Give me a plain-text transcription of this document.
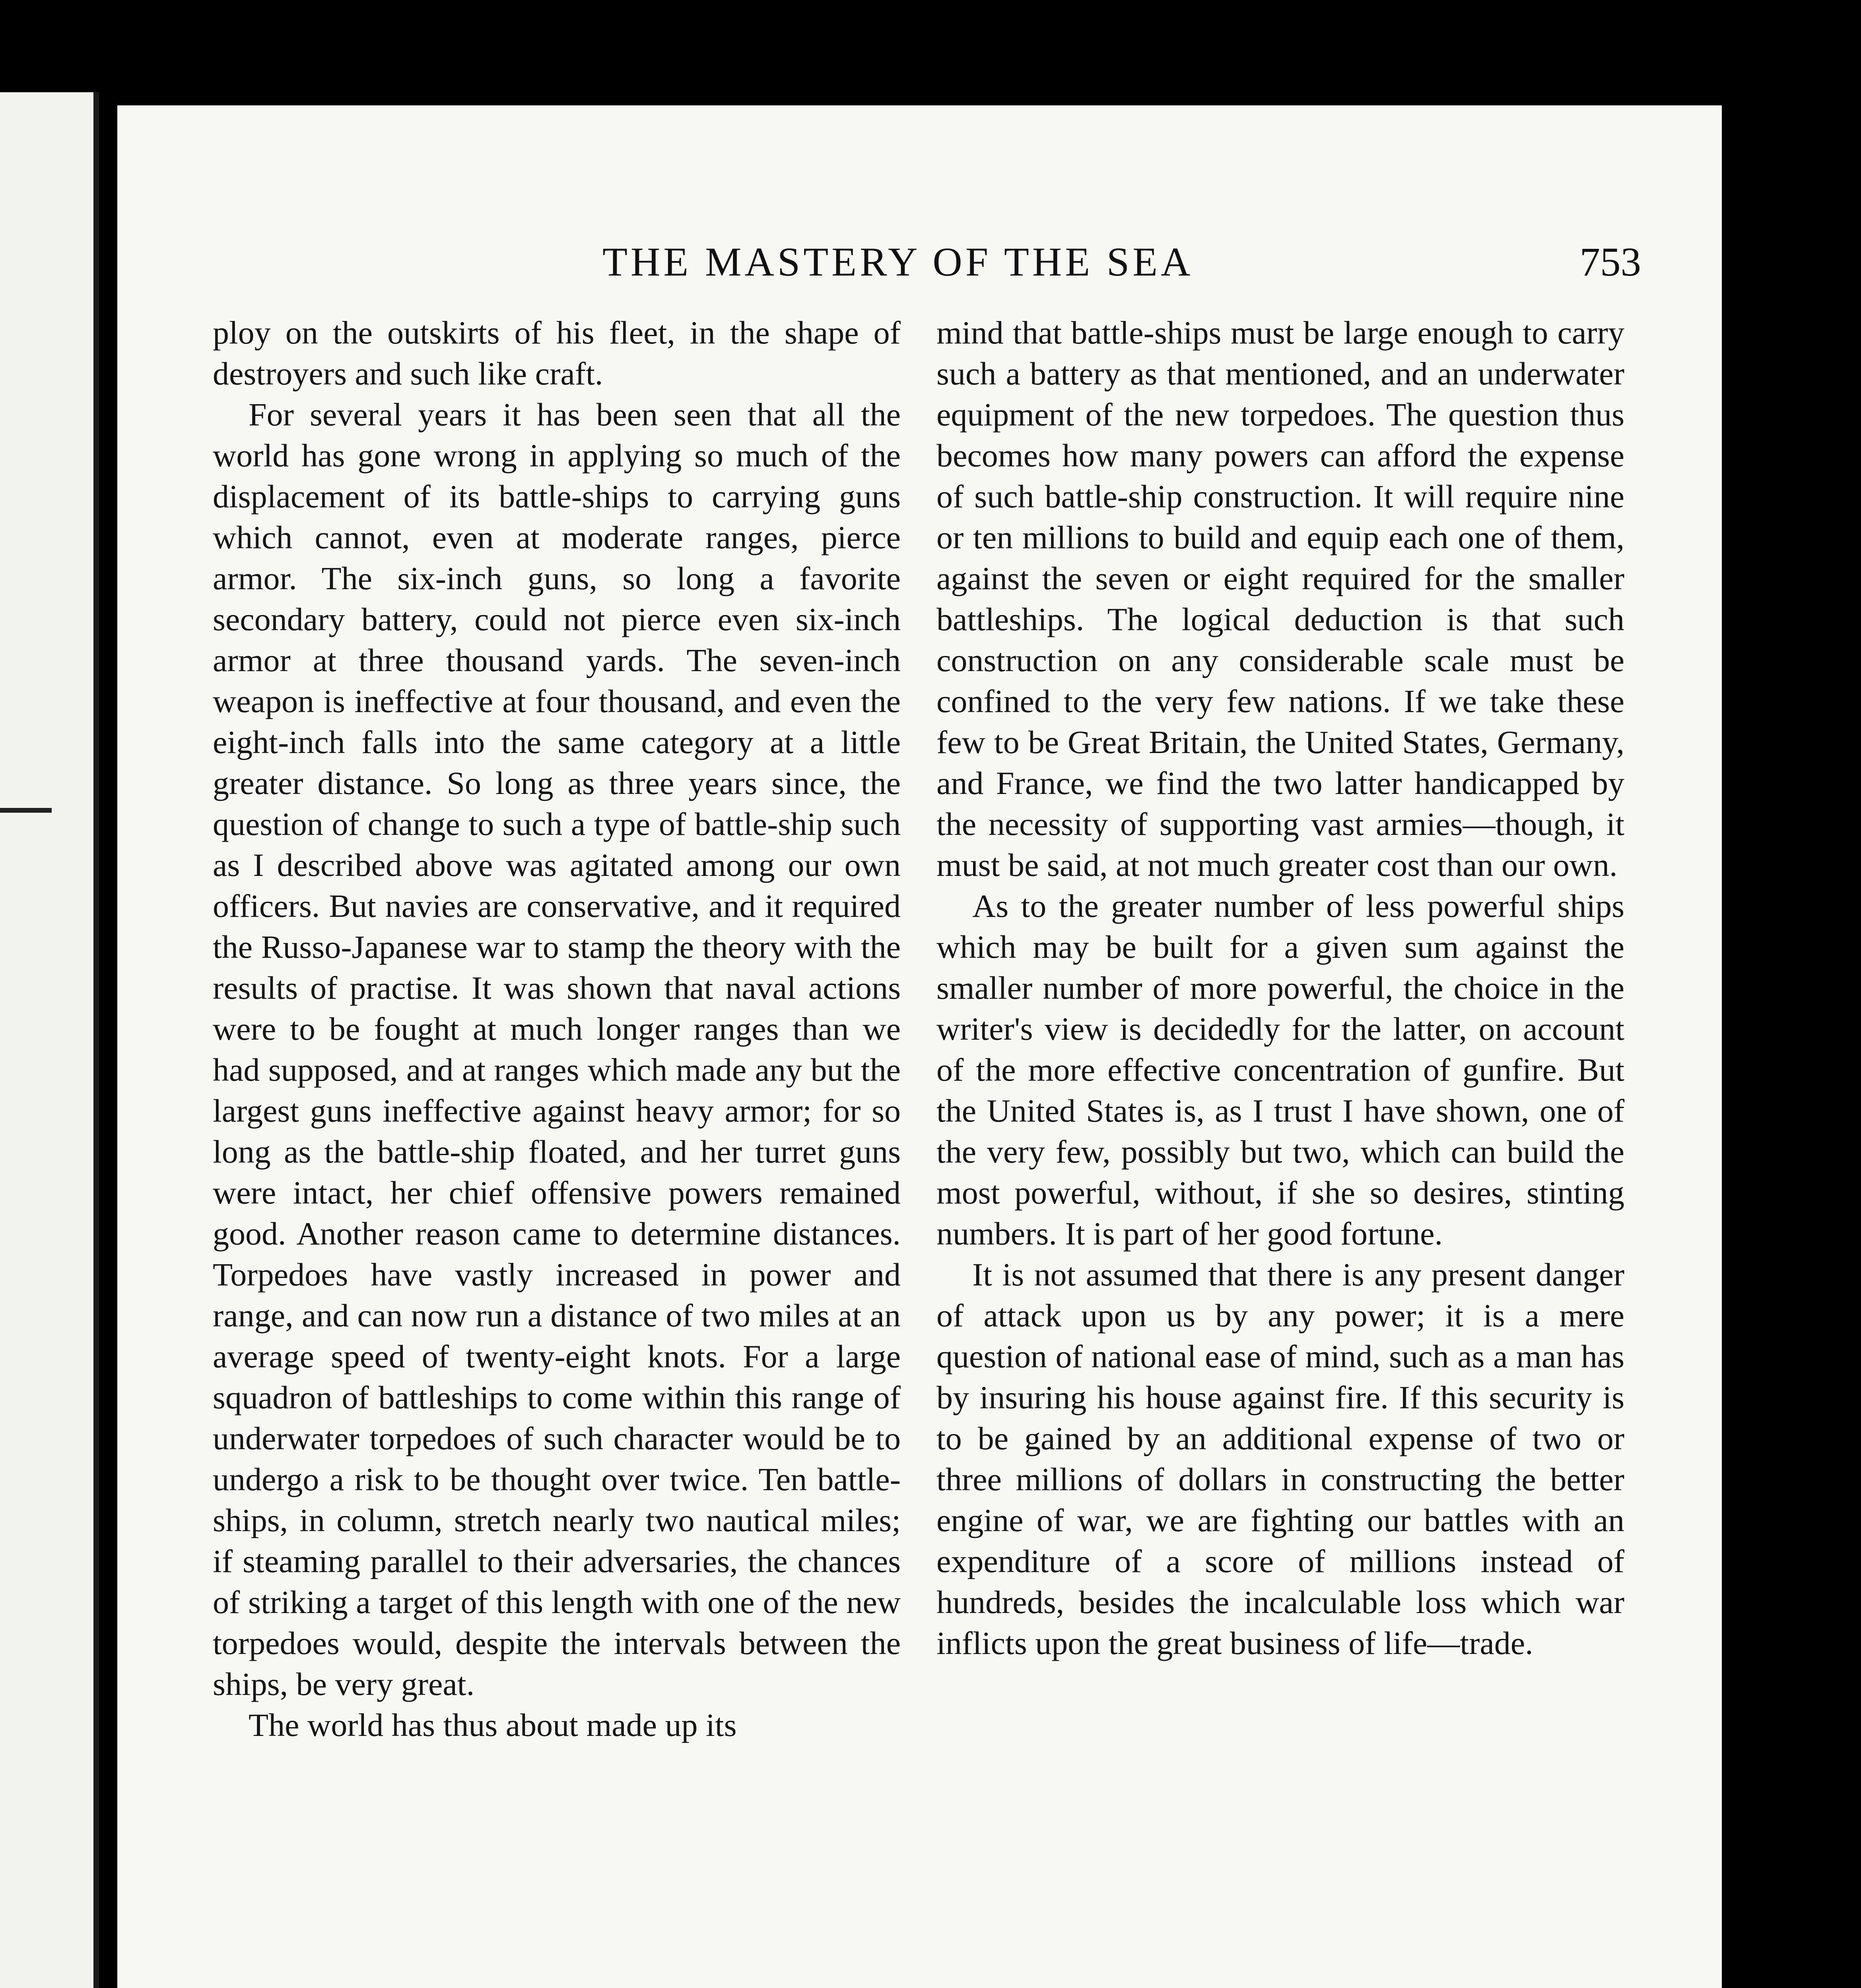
THE MASTERY OF THE SEA	753

ploy on the outskirts of his fleet, in the shape of destroyers and such like craft.

For several years it has been seen that all the world has gone wrong in applying so much of the displacement of its battle-ships to carrying guns which cannot, even at moderate ranges, pierce armor. The six-inch guns, so long a favorite secondary battery, could not pierce even six-inch armor at three thousand yards. The seven-inch weapon is ineffective at four thousand, and even the eight-inch falls into the same category at a little greater distance. So long as three years since, the question of change to such a type of battle-ship such as I described above was agitated among our own officers. But navies are conservative, and it required the Russo-Japanese war to stamp the theory with the results of practise. It was shown that naval actions were to be fought at much longer ranges than we had supposed, and at ranges which made any but the largest guns ineffective against heavy armor; for so long as the battle-ship floated, and her turret guns were intact, her chief offensive powers remained good. Another reason came to determine distances. Torpedoes have vastly increased in power and range, and can now run a distance of two miles at an average speed of twenty-eight knots. For a large squadron of battleships to come within this range of underwater torpedoes of such character would be to undergo a risk to be thought over twice. Ten battle-ships, in column, stretch nearly two nautical miles; if steaming parallel to their adversaries, the chances of striking a target of this length with one of the new torpedoes would, despite the intervals between the ships, be very great.

The world has thus about made up its

mind that battle-ships must be large enough to carry such a battery as that mentioned, and an underwater equipment of the new torpedoes. The question thus becomes how many powers can afford the expense of such battle-ship construction. It will require nine or ten millions to build and equip each one of them, against the seven or eight required for the smaller battleships. The logical deduction is that such construction on any considerable scale must be confined to the very few nations. If we take these few to be Great Britain, the United States, Germany, and France, we find the two latter handicapped by the necessity of supporting vast armies—though, it must be said, at not much greater cost than our own.

As to the greater number of less powerful ships which may be built for a given sum against the smaller number of more powerful, the choice in the writer's view is decidedly for the latter, on account of the more effective concentration of gunfire. But the United States is, as I trust I have shown, one of the very few, possibly but two, which can build the most powerful, without, if she so desires, stinting numbers. It is part of her good fortune.

It is not assumed that there is any present danger of attack upon us by any power; it is a mere question of national ease of mind, such as a man has by insuring his house against fire. If this security is to be gained by an additional expense of two or three millions of dollars in constructing the better engine of war, we are fighting our battles with an expenditure of a score of millions instead of hundreds, besides the incalculable loss which war inflicts upon the great business of life—trade.
